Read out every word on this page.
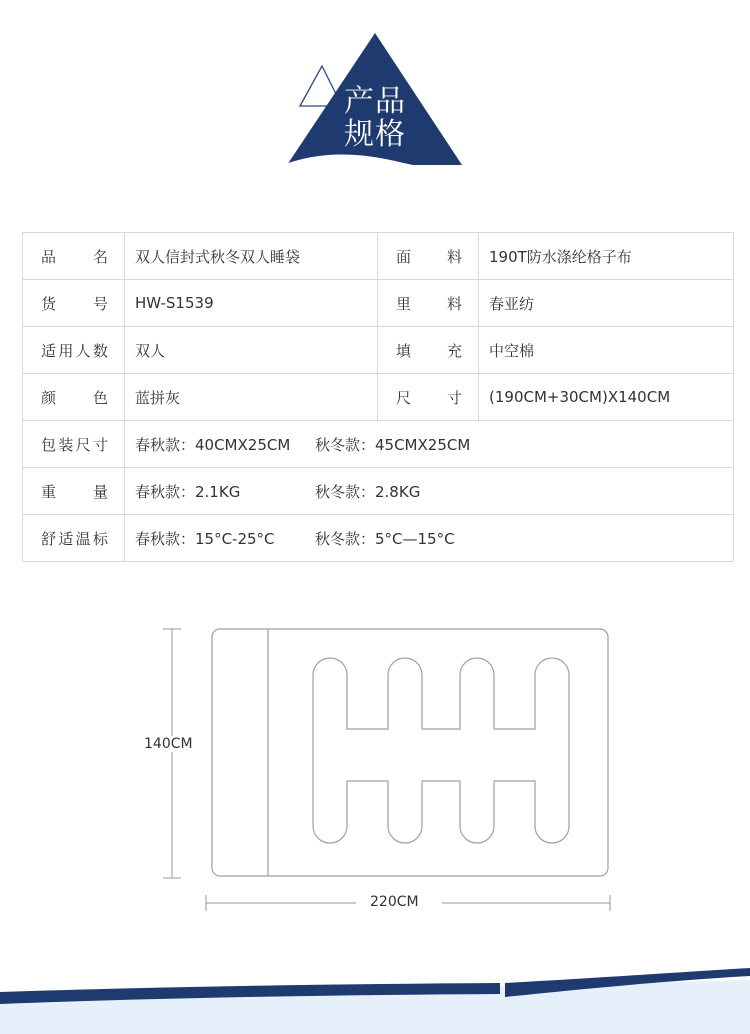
产品
规格
品　名	双人信封式秋冬双人睡袋	面　料	190T防水涤纶格子布
货　号	HW-S1539	里　料	春亚纺
适用人数	双人	填　充	中空棉
颜　色	蓝拼灰	尺　寸	(190CM+30CM)X140CM
包装尺寸	春秋款：40CMX25CM 秋冬款：45CMX25CM		
重　量	春秋款：2.1KG 秋冬款：2.8KG		
舒适温标	春秋款：15°C-25°C 秋冬款：5°C—15°C		
140CM
220CM
